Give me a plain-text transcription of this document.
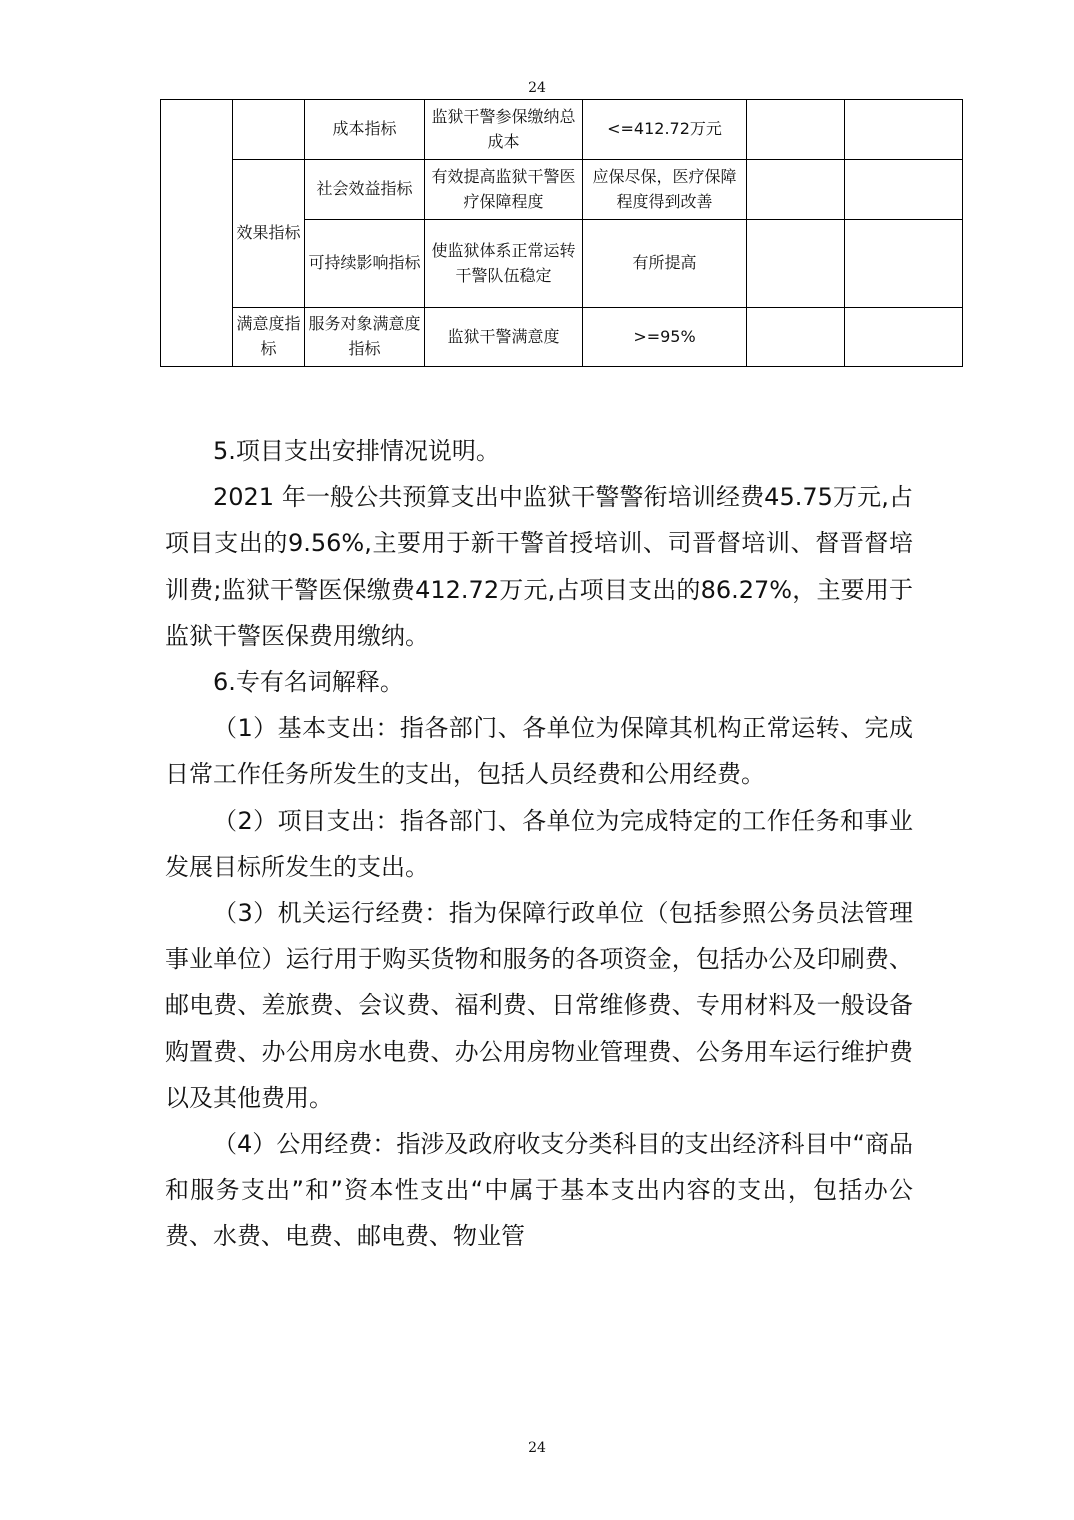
24
		成本指标	监狱干警参保缴纳总成本	<=412.72万元		
	效果指标	社会效益指标	有效提高监狱干警医疗保障程度	应保尽保，医疗保障程度得到改善		
		可持续影响指标	使监狱体系正常运转干警队伍稳定	有所提高		
	满意度指标	服务对象满意度指标	监狱干警满意度	>=95%		

5.项目支出安排情况说明。

2021 年一般公共预算支出中监狱干警警衔培训经费45.75万元,占项目支出的9.56%,主要用于新干警首授培训、司晋督培训、督晋督培训费;监狱干警医保缴费412.72万元,占项目支出的86.27%，主要用于监狱干警医保费用缴纳。

6.专有名词解释。

（1）基本支出：指各部门、各单位为保障其机构正常运转、完成日常工作任务所发生的支出，包括人员经费和公用经费。

（2）项目支出：指各部门、各单位为完成特定的工作任务和事业发展目标所发生的支出。

（3）机关运行经费：指为保障行政单位（包括参照公务员法管理事业单位）运行用于购买货物和服务的各项资金，包括办公及印刷费、邮电费、差旅费、会议费、福利费、日常维修费、专用材料及一般设备购置费、办公用房水电费、办公用房物业管理费、公务用车运行维护费以及其他费用。

（4）公用经费：指涉及政府收支分类科目的支出经济科目中“商品和服务支出”和”资本性支出“中属于基本支出内容的支出，包括办公费、水费、电费、邮电费、物业管

24
